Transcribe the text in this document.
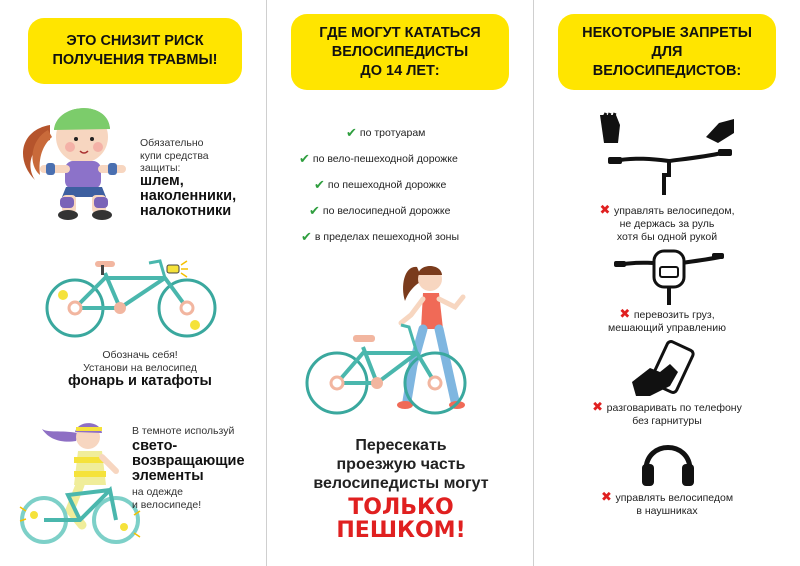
ЭТО СНИЗИТ РИСК
ПОЛУЧЕНИЯ ТРАВМЫ!
Обязательно
купи средства
защиты:
шлем,
наколенники,
налокотники
Обозначь себя!
Установи на велосипед
фонарь и катафоты
В темноте используй
свето-
возвращающие
элементы
на одежде
и велосипеде!
ГДЕ МОГУТ КАТАТЬСЯ
ВЕЛОСИПЕДИСТЫ
ДО 14 ЛЕТ:
✔ по тротуарам
✔ по вело-пешеходной дорожке
✔ по пешеходной дорожке
✔ по велосипедной дорожке
✔ в пределах пешеходной зоны
Пересекать
проезжую часть
велосипедисты могут
ТОЛЬКО
ПЕШКОМ!
НЕКОТОРЫЕ ЗАПРЕТЫ
ДЛЯ
ВЕЛОСИПЕДИСТОВ:
✖ управлять велосипедом,
не держась за руль
хотя бы одной рукой
✖ перевозить груз,
мешающий управлению
✖ разговаривать по телефону
без гарнитуры
✖ управлять велосипедом
в наушниках
